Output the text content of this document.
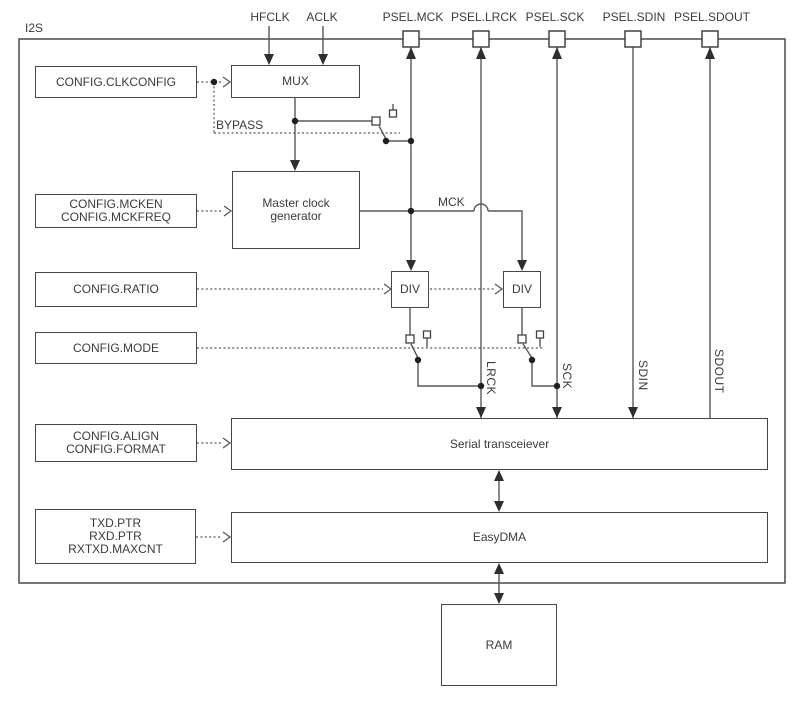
I2S
HFCLK ACLK	PSEL.MCK PSEL.LRCK PSEL.SCK PSEL.SDIN PSEL.SDOUT
BYPASS
MCK
LRCK	SCK	SDIN	SDOUT
CONFIG.CLKCONFIG
CONFIG.MCKEN
CONFIG.MCKFREQ
CONFIG.RATIO
CONFIG.MODE
CONFIG.ALIGN
CONFIG.FORMAT
TXD.PTR
RXD.PTR
RXTXD.MAXCNT
MUX
Master clock generator
DIV	DIV
Serial transceiever
EasyDMA
RAM
